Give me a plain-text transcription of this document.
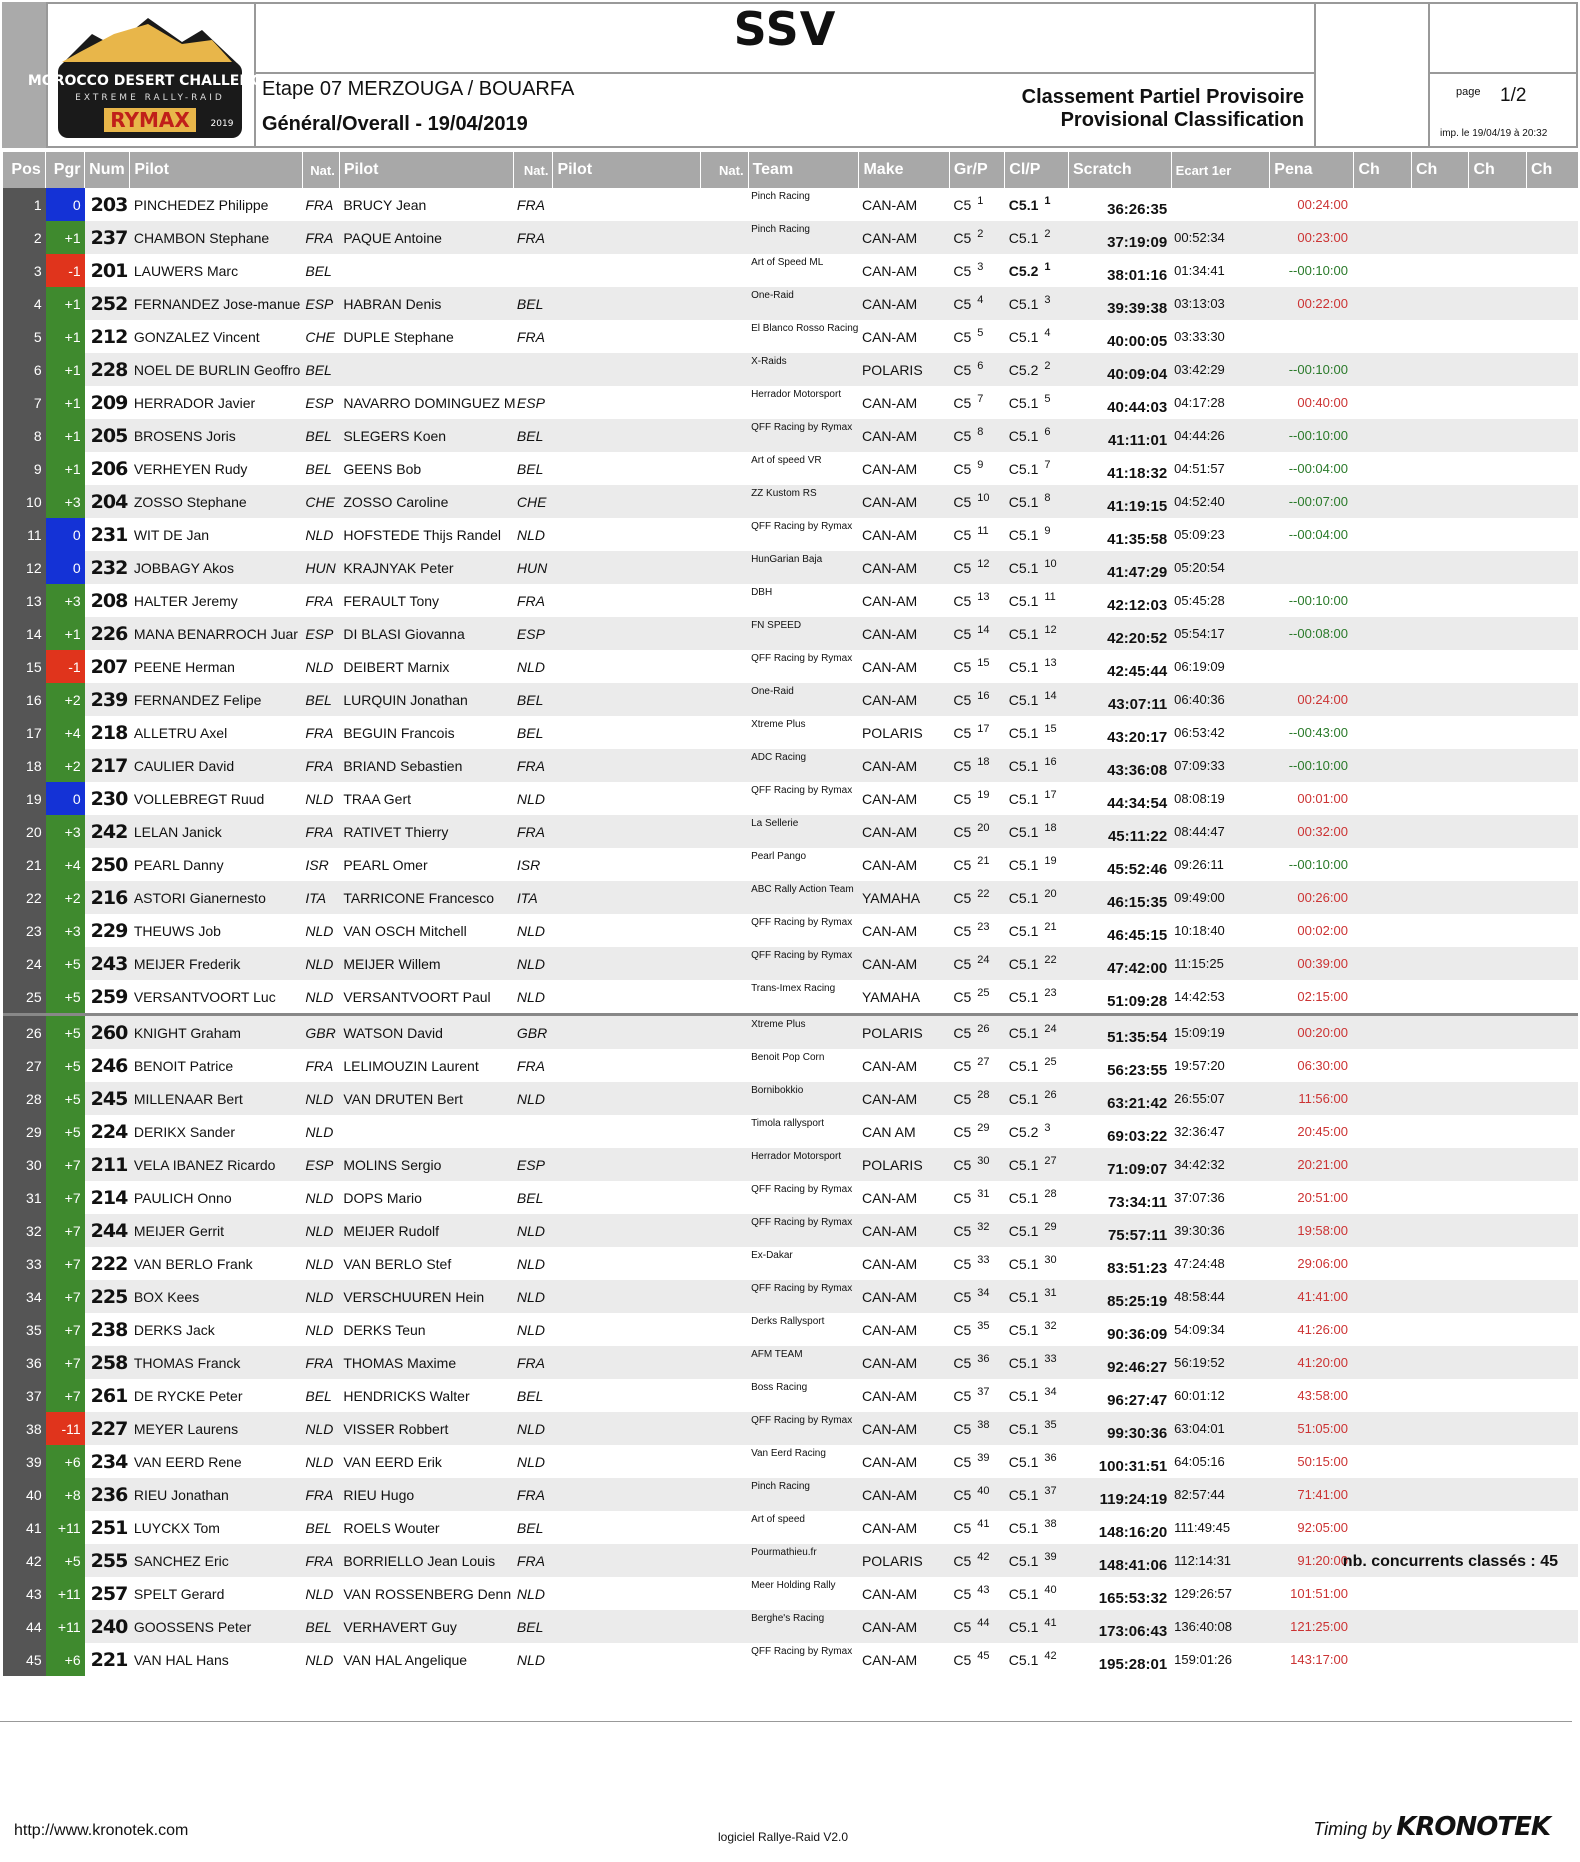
MOROCCO DESERT CHALLENGE
EXTREME RALLY-RAID
RYMAX 2019
SSV
Etape 07 MERZOUGA / BOUARFA
Général/Overall - 19/04/2019
Classement Partiel Provisoire
Provisional Classification
page 1/2
imp. le 19/04/19 à 20:32
Pos	Pgr	Num	Pilot	Nat.	Pilot	Nat.	Pilot	Nat.	Team	Make	Gr/P	Cl/P	Scratch	Ecart 1er	Pena	Ch	Ch	Ch	Ch
1	0	203	PINCHEDEZ Philippe	FRA	BRUCY Jean	FRA			Pinch Racing	CAN-AM	C5 $_1$	C5.1 $_1$	36:26:35		00:24:00				
2	+1	237	CHAMBON Stephane	FRA	PAQUE Antoine	FRA			Pinch Racing	CAN-AM	C5 $_2$	C5.1 $_2$	37:19:09	00:52:34	00:23:00				
3	-1	201	LAUWERS Marc	BEL					Art of Speed ML	CAN-AM	C5 $_3$	C5.2 $_1$	38:01:16	01:34:41	--00:10:00				
4	+1	252	FERNANDEZ Jose-manue	ESP	HABRAN Denis	BEL			One-Raid	CAN-AM	C5 $_4$	C5.1 $_3$	39:39:38	03:13:03	00:22:00				
5	+1	212	GONZALEZ Vincent	CHE	DUPLE Stephane	FRA			El Blanco Rosso Racing	CAN-AM	C5 $_5$	C5.1 $_4$	40:00:05	03:33:30					
6	+1	228	NOEL DE BURLIN Geoffro	BEL					X-Raids	POLARIS	C5 $_6$	C5.2 $_2$	40:09:04	03:42:29	--00:10:00				
7	+1	209	HERRADOR Javier	ESP	NAVARRO DOMINGUEZ M	ESP			Herrador Motorsport	CAN-AM	C5 $_7$	C5.1 $_5$	40:44:03	04:17:28	00:40:00				
8	+1	205	BROSENS Joris	BEL	SLEGERS Koen	BEL			QFF Racing by Rymax	CAN-AM	C5 $_8$	C5.1 $_6$	41:11:01	04:44:26	--00:10:00				
9	+1	206	VERHEYEN Rudy	BEL	GEENS Bob	BEL			Art of speed VR	CAN-AM	C5 $_9$	C5.1 $_7$	41:18:32	04:51:57	--00:04:00				
10	+3	204	ZOSSO Stephane	CHE	ZOSSO Caroline	CHE			ZZ Kustom RS	CAN-AM	C5 $_{10}$	C5.1 $_8$	41:19:15	04:52:40	--00:07:00				
11	0	231	WIT DE Jan	NLD	HOFSTEDE Thijs Randel	NLD			QFF Racing by Rymax	CAN-AM	C5 $_{11}$	C5.1 $_9$	41:35:58	05:09:23	--00:04:00				
12	0	232	JOBBAGY Akos	HUN	KRAJNYAK Peter	HUN			HunGarian Baja	CAN-AM	C5 $_{12}$	C5.1 $_{10}$	41:47:29	05:20:54					
13	+3	208	HALTER Jeremy	FRA	FERAULT Tony	FRA			DBH	CAN-AM	C5 $_{13}$	C5.1 $_{11}$	42:12:03	05:45:28	--00:10:00				
14	+1	226	MANA BENARROCH Juar	ESP	DI BLASI Giovanna	ESP			FN SPEED	CAN-AM	C5 $_{14}$	C5.1 $_{12}$	42:20:52	05:54:17	--00:08:00				
15	-1	207	PEENE Herman	NLD	DEIBERT Marnix	NLD			QFF Racing by Rymax	CAN-AM	C5 $_{15}$	C5.1 $_{13}$	42:45:44	06:19:09					
16	+2	239	FERNANDEZ Felipe	BEL	LURQUIN Jonathan	BEL			One-Raid	CAN-AM	C5 $_{16}$	C5.1 $_{14}$	43:07:11	06:40:36	00:24:00				
17	+4	218	ALLETRU Axel	FRA	BEGUIN Francois	BEL			Xtreme Plus	POLARIS	C5 $_{17}$	C5.1 $_{15}$	43:20:17	06:53:42	--00:43:00				
18	+2	217	CAULIER David	FRA	BRIAND Sebastien	FRA			ADC Racing	CAN-AM	C5 $_{18}$	C5.1 $_{16}$	43:36:08	07:09:33	--00:10:00				
19	0	230	VOLLEBREGT Ruud	NLD	TRAA Gert	NLD			QFF Racing by Rymax	CAN-AM	C5 $_{19}$	C5.1 $_{17}$	44:34:54	08:08:19	00:01:00				
20	+3	242	LELAN Janick	FRA	RATIVET Thierry	FRA			La Sellerie	CAN-AM	C5 $_{20}$	C5.1 $_{18}$	45:11:22	08:44:47	00:32:00				
21	+4	250	PEARL Danny	ISR	PEARL Omer	ISR			Pearl Pango	CAN-AM	C5 $_{21}$	C5.1 $_{19}$	45:52:46	09:26:11	--00:10:00				
22	+2	216	ASTORI Gianernesto	ITA	TARRICONE Francesco	ITA			ABC Rally Action Team	YAMAHA	C5 $_{22}$	C5.1 $_{20}$	46:15:35	09:49:00	00:26:00				
23	+3	229	THEUWS Job	NLD	VAN OSCH Mitchell	NLD			QFF Racing by Rymax	CAN-AM	C5 $_{23}$	C5.1 $_{21}$	46:45:15	10:18:40	00:02:00				
24	+5	243	MEIJER Frederik	NLD	MEIJER Willem	NLD			QFF Racing by Rymax	CAN-AM	C5 $_{24}$	C5.1 $_{22}$	47:42:00	11:15:25	00:39:00				
25	+5	259	VERSANTVOORT Luc	NLD	VERSANTVOORT Paul	NLD			Trans-Imex Racing	YAMAHA	C5 $_{25}$	C5.1 $_{23}$	51:09:28	14:42:53	02:15:00				
26	+5	260	KNIGHT Graham	GBR	WATSON David	GBR			Xtreme Plus	POLARIS	C5 $_{26}$	C5.1 $_{24}$	51:35:54	15:09:19	00:20:00				
27	+5	246	BENOIT Patrice	FRA	LELIMOUZIN Laurent	FRA			Benoit Pop Corn	CAN-AM	C5 $_{27}$	C5.1 $_{25}$	56:23:55	19:57:20	06:30:00				
28	+5	245	MILLENAAR Bert	NLD	VAN DRUTEN Bert	NLD			Bornibokkio	CAN-AM	C5 $_{28}$	C5.1 $_{26}$	63:21:42	26:55:07	11:56:00				
29	+5	224	DERIKX Sander	NLD					Timola rallysport	CAN AM	C5 $_{29}$	C5.2 $_3$	69:03:22	32:36:47	20:45:00				
30	+7	211	VELA IBANEZ Ricardo	ESP	MOLINS Sergio	ESP			Herrador Motorsport	POLARIS	C5 $_{30}$	C5.1 $_{27}$	71:09:07	34:42:32	20:21:00				
31	+7	214	PAULICH Onno	NLD	DOPS Mario	BEL			QFF Racing by Rymax	CAN-AM	C5 $_{31}$	C5.1 $_{28}$	73:34:11	37:07:36	20:51:00				
32	+7	244	MEIJER Gerrit	NLD	MEIJER Rudolf	NLD			QFF Racing by Rymax	CAN-AM	C5 $_{32}$	C5.1 $_{29}$	75:57:11	39:30:36	19:58:00				
33	+7	222	VAN BERLO Frank	NLD	VAN BERLO Stef	NLD			Ex-Dakar	CAN-AM	C5 $_{33}$	C5.1 $_{30}$	83:51:23	47:24:48	29:06:00				
34	+7	225	BOX Kees	NLD	VERSCHUUREN Hein	NLD			QFF Racing by Rymax	CAN-AM	C5 $_{34}$	C5.1 $_{31}$	85:25:19	48:58:44	41:41:00				
35	+7	238	DERKS Jack	NLD	DERKS Teun	NLD			Derks Rallysport	CAN-AM	C5 $_{35}$	C5.1 $_{32}$	90:36:09	54:09:34	41:26:00				
36	+7	258	THOMAS Franck	FRA	THOMAS Maxime	FRA			AFM TEAM	CAN-AM	C5 $_{36}$	C5.1 $_{33}$	92:46:27	56:19:52	41:20:00				
37	+7	261	DE RYCKE Peter	BEL	HENDRICKS Walter	BEL			Boss Racing	CAN-AM	C5 $_{37}$	C5.1 $_{34}$	96:27:47	60:01:12	43:58:00				
38	-11	227	MEYER Laurens	NLD	VISSER Robbert	NLD			QFF Racing by Rymax	CAN-AM	C5 $_{38}$	C5.1 $_{35}$	99:30:36	63:04:01	51:05:00				
39	+6	234	VAN EERD Rene	NLD	VAN EERD Erik	NLD			Van Eerd Racing	CAN-AM	C5 $_{39}$	C5.1 $_{36}$	100:31:51	64:05:16	50:15:00				
40	+8	236	RIEU Jonathan	FRA	RIEU Hugo	FRA			Pinch Racing	CAN-AM	C5 $_{40}$	C5.1 $_{37}$	119:24:19	82:57:44	71:41:00				
41	+11	251	LUYCKX Tom	BEL	ROELS Wouter	BEL			Art of speed	CAN-AM	C5 $_{41}$	C5.1 $_{38}$	148:16:20	111:49:45	92:05:00				
42	+5	255	SANCHEZ Eric	FRA	BORRIELLO Jean Louis	FRA			Pourmathieu.fr	POLARIS	C5 $_{42}$	C5.1 $_{39}$	148:41:06	112:14:31	91:20:00				
43	+11	257	SPELT Gerard	NLD	VAN ROSSENBERG Denn	NLD			Meer Holding Rally	CAN-AM	C5 $_{43}$	C5.1 $_{40}$	165:53:32	129:26:57	101:51:00				
44	+11	240	GOOSSENS Peter	BEL	VERHAVERT Guy	BEL			Berghe's Racing	CAN-AM	C5 $_{44}$	C5.1 $_{41}$	173:06:43	136:40:08	121:25:00				
45	+6	221	VAN HAL Hans	NLD	VAN HAL Angelique	NLD			QFF Racing by Rymax	CAN-AM	C5 $_{45}$	C5.1 $_{42}$	195:28:01	159:01:26	143:17:00				
nb. concurrents classés : 45
http://www.kronotek.com	logiciel Rallye-Raid V2.0	Timing by KRONOTEK
